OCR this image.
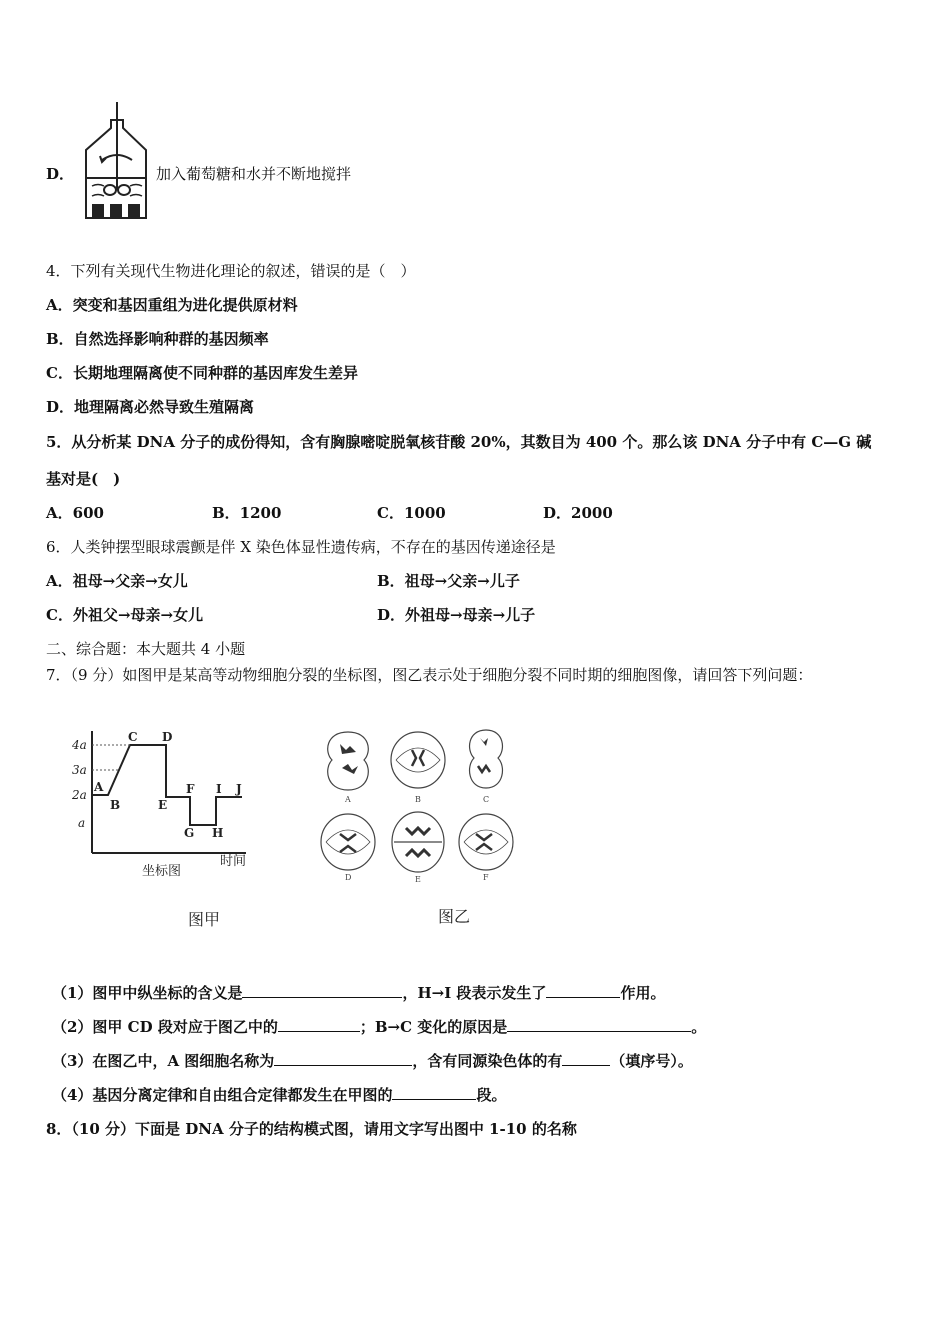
D．	加入葡萄糖和水并不断地搅拌
4．下列有关现代生物进化理论的叙述，错误的是（　）
A．突变和基因重组为进化提供原材料
B．自然选择影响种群的基因频率
C．长期地理隔离使不同种群的基因库发生差异
D．地理隔离必然导致生殖隔离
5．从分析某 DNA 分子的成份得知，含有胸腺嘧啶脱氧核苷酸 20%，其数目为 400 个。那么该 DNA 分子中有 C—G 碱
基对是(　)
A．600	B．1200	C．1000	D．2000
6．人类钟摆型眼球震颤是伴 X 染色体显性遗传病，不存在的基因传递途径是
A．祖母→父亲→女儿	B．祖母→父亲→儿子
C．外祖父→母亲→女儿	D．外祖母→母亲→儿子
二、综合题：本大题共 4 小题
7．（9 分）如图甲是某高等动物细胞分裂的坐标图，图乙表示处于细胞分裂不同时期的细胞图像，请回答下列问题：
4a
3a
2a
a
A
B
C D
E
F
G H
I J
时间
坐标图
图甲
A	B	C
D	E	F
图乙
（1）图甲中纵坐标的含义是	，H→I 段表示发生了	作用。
（2）图甲 CD 段对应于图乙中的	；B→C 变化的原因是	。
（3）在图乙中，A 图细胞名称为	，含有同源染色体的有	（填序号）。
（4）基因分离定律和自由组合定律都发生在甲图的	段。
8．（10 分）下面是 DNA 分子的结构模式图，请用文字写出图中 1-10 的名称
